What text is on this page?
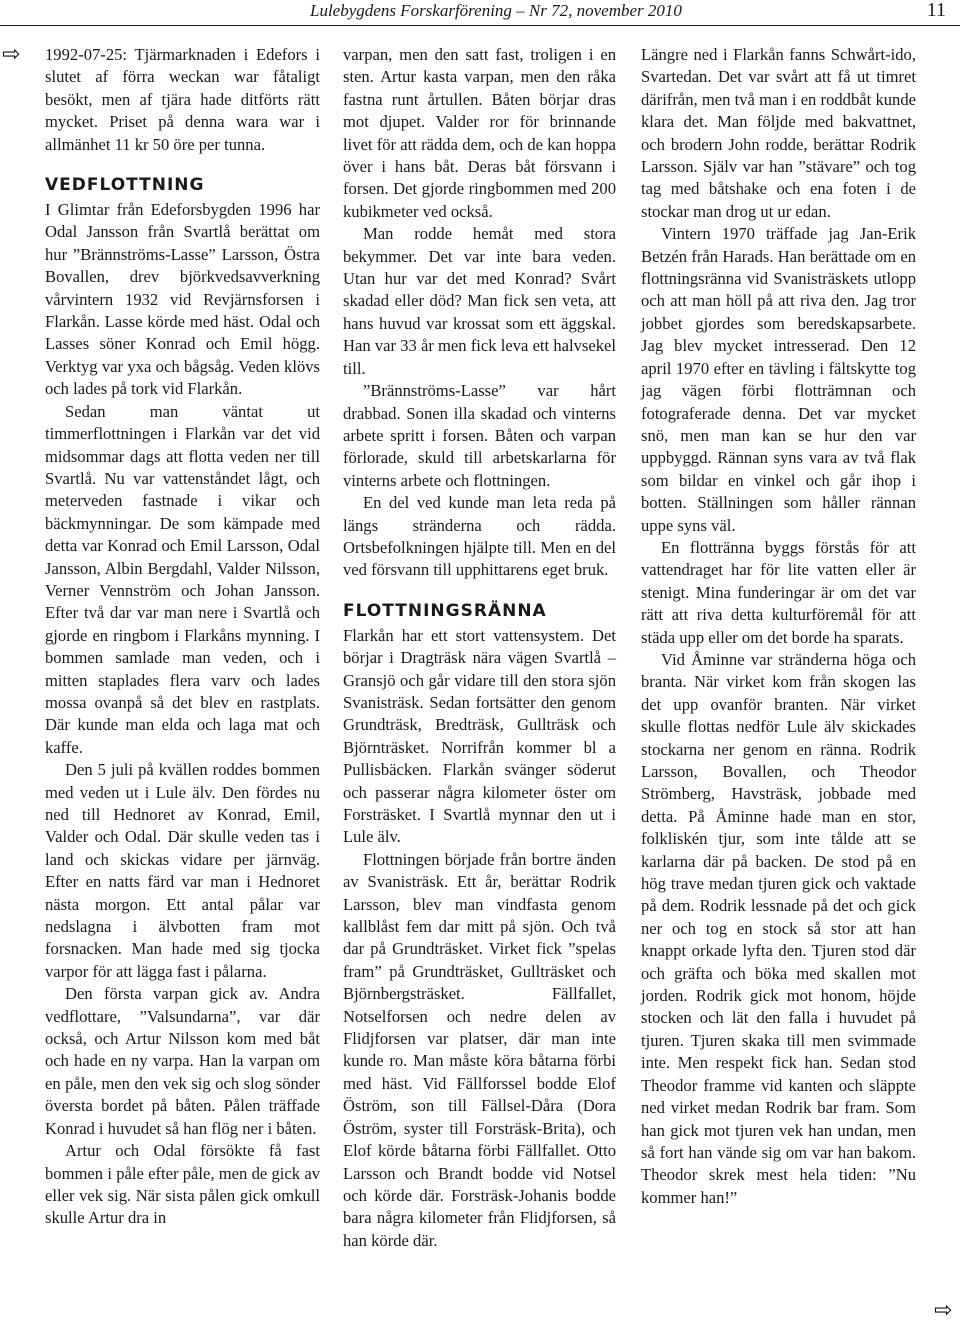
Lulebygdens Forskarförening – Nr 72, november 2010	11
⇨
⇨

1992-07-25: Tjärmarknaden i Edefors i slutet af förra weckan war fåtaligt besökt, men af tjära hade ditförts rätt mycket. Priset på denna wara war i allmänhet 11 kr 50 öre per tunna.

VEDFLOTTNING

I Glimtar från Edeforsbygden 1996 har Odal Jansson från Svartlå berättat om hur ”Brännströms-Lasse” Larsson, Östra Bovallen, drev björkvedsavverkning vårvintern 1932 vid Revjärnsforsen i Flarkån. Lasse körde med häst. Odal och Lasses söner Konrad och Emil högg. Verktyg var yxa och bågsåg. Veden klövs och lades på tork vid Flarkån.

Sedan man väntat ut timmerflottningen i Flarkån var det vid midsommar dags att flotta veden ner till Svartlå. Nu var vattenståndet lågt, och meterveden fastnade i vikar och bäckmynningar. De som kämpade med detta var Konrad och Emil Larsson, Odal Jansson, Albin Bergdahl, Valder Nilsson, Verner Vennström och Johan Jansson. Efter två dar var man nere i Svartlå och gjorde en ringbom i Flarkåns mynning. I bommen samlade man veden, och i mitten staplades flera varv och lades mossa ovanpå så det blev en rastplats. Där kunde man elda och laga mat och kaffe.

Den 5 juli på kvällen roddes bommen med veden ut i Lule älv. Den fördes nu ned till Hednoret av Konrad, Emil, Valder och Odal. Där skulle veden tas i land och skickas vidare per järnväg. Efter en natts färd var man i Hednoret nästa morgon. Ett antal pålar var nedslagna i älvbotten fram mot forsnacken. Man hade med sig tjocka varpor för att lägga fast i pålarna.

Den första varpan gick av. Andra vedflottare, ”Valsundarna”, var där också, och Artur Nilsson kom med båt och hade en ny varpa. Han la varpan om en påle, men den vek sig och slog sönder översta bordet på båten. Pålen träffade Konrad i huvudet så han flög ner i båten.

Artur och Odal försökte få fast bommen i påle efter påle, men de gick av eller vek sig. När sista pålen gick omkull skulle Artur dra in

varpan, men den satt fast, troligen i en sten. Artur kasta varpan, men den råka fastna runt årtullen. Båten börjar dras mot djupet. Valder ror för brinnande livet för att rädda dem, och de kan hoppa över i hans båt. Deras båt försvann i forsen. Det gjorde ringbommen med 200 kubikmeter ved också.

Man rodde hemåt med stora bekymmer. Det var inte bara veden. Utan hur var det med Konrad? Svårt skadad eller död? Man fick sen veta, att hans huvud var krossat som ett äggskal. Han var 33 år men fick leva ett halvsekel till.

”Brännströms-Lasse” var hårt drabbad. Sonen illa skadad och vinterns arbete spritt i forsen. Båten och varpan förlorade, skuld till arbetskarlarna för vinterns arbete och flottningen.

En del ved kunde man leta reda på längs stränderna och rädda. Ortsbefolkningen hjälpte till. Men en del ved försvann till upphittarens eget bruk.

FLOTTNINGSRÄNNA

Flarkån har ett stort vattensystem. Det börjar i Dragträsk nära vägen Svartlå – Gransjö och går vidare till den stora sjön Svanisträsk. Sedan fortsätter den genom Grundträsk, Bredträsk, Gullträsk och Björnträsket. Norrifrån kommer bl a Pullisbäcken. Flarkån svänger söderut och passerar några kilometer öster om Forsträsket. I Svartlå mynnar den ut i Lule älv.

Flottningen började från bortre änden av Svanisträsk. Ett år, berättar Rodrik Larsson, blev man vindfasta genom kallblåst fem dar mitt på sjön. Och två dar på Grundträsket. Virket fick ”spelas fram” på Grundträsket, Gullträsket och Björnbergsträsket. Fällfallet, Notselforsen och nedre delen av Flidjforsen var platser, där man inte kunde ro. Man måste köra båtarna förbi med häst. Vid Fällforssel bodde Elof Öström, son till Fällsel-Dåra (Dora Öström, syster till Forsträsk-Brita), och Elof körde båtarna förbi Fällfallet. Otto Larsson och Brandt bodde vid Notsel och körde där. Forsträsk-Johanis bodde bara några kilometer från Flidjforsen, så han körde där.

Längre ned i Flarkån fanns Schwårt-ido, Svartedan. Det var svårt att få ut timret därifrån, men två man i en roddbåt kunde klara det. Man följde med bakvattnet, och brodern John rodde, berättar Rodrik Larsson. Själv var han ”stävare” och tog tag med båtshake och ena foten i de stockar man drog ut ur edan.

Vintern 1970 träffade jag Jan-Erik Betzén från Harads. Han berättade om en flottningsränna vid Svanisträskets utlopp och att man höll på att riva den. Jag tror jobbet gjordes som beredskapsarbete. Jag blev mycket intresserad. Den 12 april 1970 efter en tävling i fältskytte tog jag vägen förbi flotträmnan och fotograferade denna. Det var mycket snö, men man kan se hur den var uppbyggd. Rännan syns vara av två flak som bildar en vinkel och går ihop i botten. Ställningen som håller rännan uppe syns väl.

En flottränna byggs förstås för att vattendraget har för lite vatten eller är stenigt. Mina funderingar är om det var rätt att riva detta kulturföremål för att städa upp eller om det borde ha sparats.

Vid Åminne var stränderna höga och branta. När virket kom från skogen las det upp ovanför branten. När virket skulle flottas nedför Lule älv skickades stockarna ner genom en ränna. Rodrik Larsson, Bovallen, och Theodor Strömberg, Havsträsk, jobbade med detta. På Åminne hade man en stor, folkliskén tjur, som inte tålde att se karlarna där på backen. De stod på en hög trave medan tjuren gick och vaktade på dem. Rodrik lessnade på det och gick ner och tog en stock så stor att han knappt orkade lyfta den. Tjuren stod där och gräfta och böka med skallen mot jorden. Rodrik gick mot honom, höjde stocken och lät den falla i huvudet på tjuren. Tjuren skaka till men svimmade inte. Men respekt fick han. Sedan stod Theodor framme vid kanten och släppte ned virket medan Rodrik bar fram. Som han gick mot tjuren vek han undan, men så fort han vände sig om var han bakom. Theodor skrek mest hela tiden: ”Nu kommer han!”
